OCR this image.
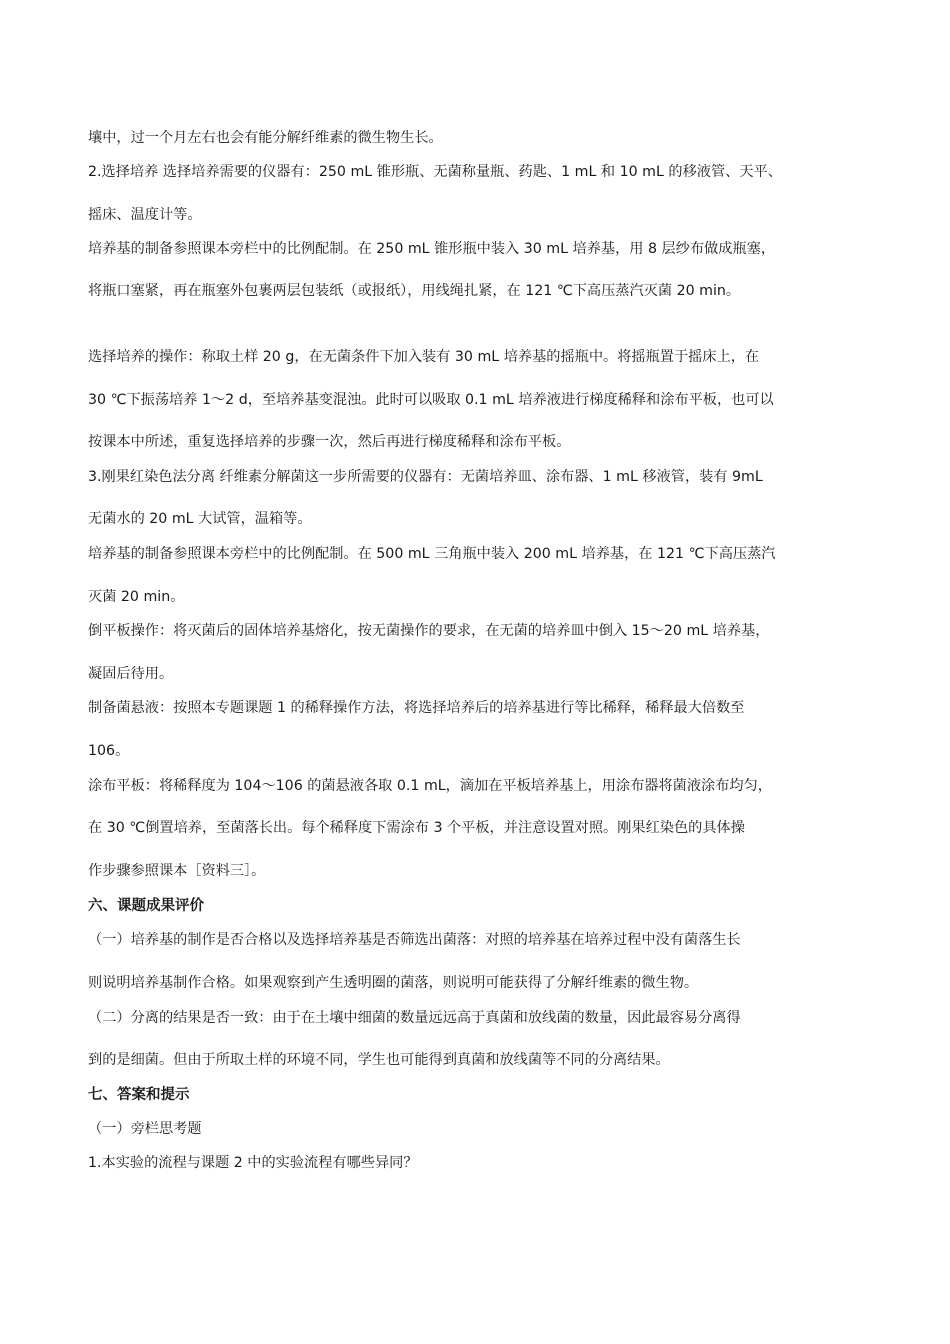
壤中，过一个月左右也会有能分解纤维素的微生物生长。
2.选择培养 选择培养需要的仪器有：250 mL 锥形瓶、无菌称量瓶、药匙、1 mL 和 10 mL 的移液管、天平、
摇床、温度计等。
培养基的制备参照课本旁栏中的比例配制。在 250 mL 锥形瓶中装入 30 mL 培养基，用 8 层纱布做成瓶塞，
将瓶口塞紧，再在瓶塞外包裹两层包装纸（或报纸），用线绳扎紧，在 121 ℃下高压蒸汽灭菌 20 min。
选择培养的操作：称取土样 20 g，在无菌条件下加入装有 30 mL 培养基的摇瓶中。将摇瓶置于摇床上，在
30 ℃下振荡培养 1～2 d，至培养基变混浊。此时可以吸取 0.1 mL 培养液进行梯度稀释和涂布平板，也可以
按课本中所述，重复选择培养的步骤一次，然后再进行梯度稀释和涂布平板。
3.刚果红染色法分离 纤维素分解菌这一步所需要的仪器有：无菌培养皿、涂布器、1 mL 移液管，装有 9mL
无菌水的 20 mL 大试管，温箱等。
培养基的制备参照课本旁栏中的比例配制。在 500 mL 三角瓶中装入 200 mL 培养基，在 121 ℃下高压蒸汽
灭菌 20 min。
倒平板操作：将灭菌后的固体培养基熔化，按无菌操作的要求，在无菌的培养皿中倒入 15～20 mL 培养基，
凝固后待用。
制备菌悬液：按照本专题课题 1 的稀释操作方法，将选择培养后的培养基进行等比稀释，稀释最大倍数至
106。
涂布平板：将稀释度为 104～106 的菌悬液各取 0.1 mL，滴加在平板培养基上，用涂布器将菌液涂布均匀，
在 30 ℃倒置培养，至菌落长出。每个稀释度下需涂布 3 个平板，并注意设置对照。刚果红染色的具体操
作步骤参照课本［资料三］。
六、课题成果评价
（一）培养基的制作是否合格以及选择培养基是否筛选出菌落：对照的培养基在培养过程中没有菌落生长
则说明培养基制作合格。如果观察到产生透明圈的菌落，则说明可能获得了分解纤维素的微生物。
（二）分离的结果是否一致：由于在土壤中细菌的数量远远高于真菌和放线菌的数量，因此最容易分离得
到的是细菌。但由于所取土样的环境不同，学生也可能得到真菌和放线菌等不同的分离结果。
七、答案和提示
（一）旁栏思考题
1.本实验的流程与课题 2 中的实验流程有哪些异同？
